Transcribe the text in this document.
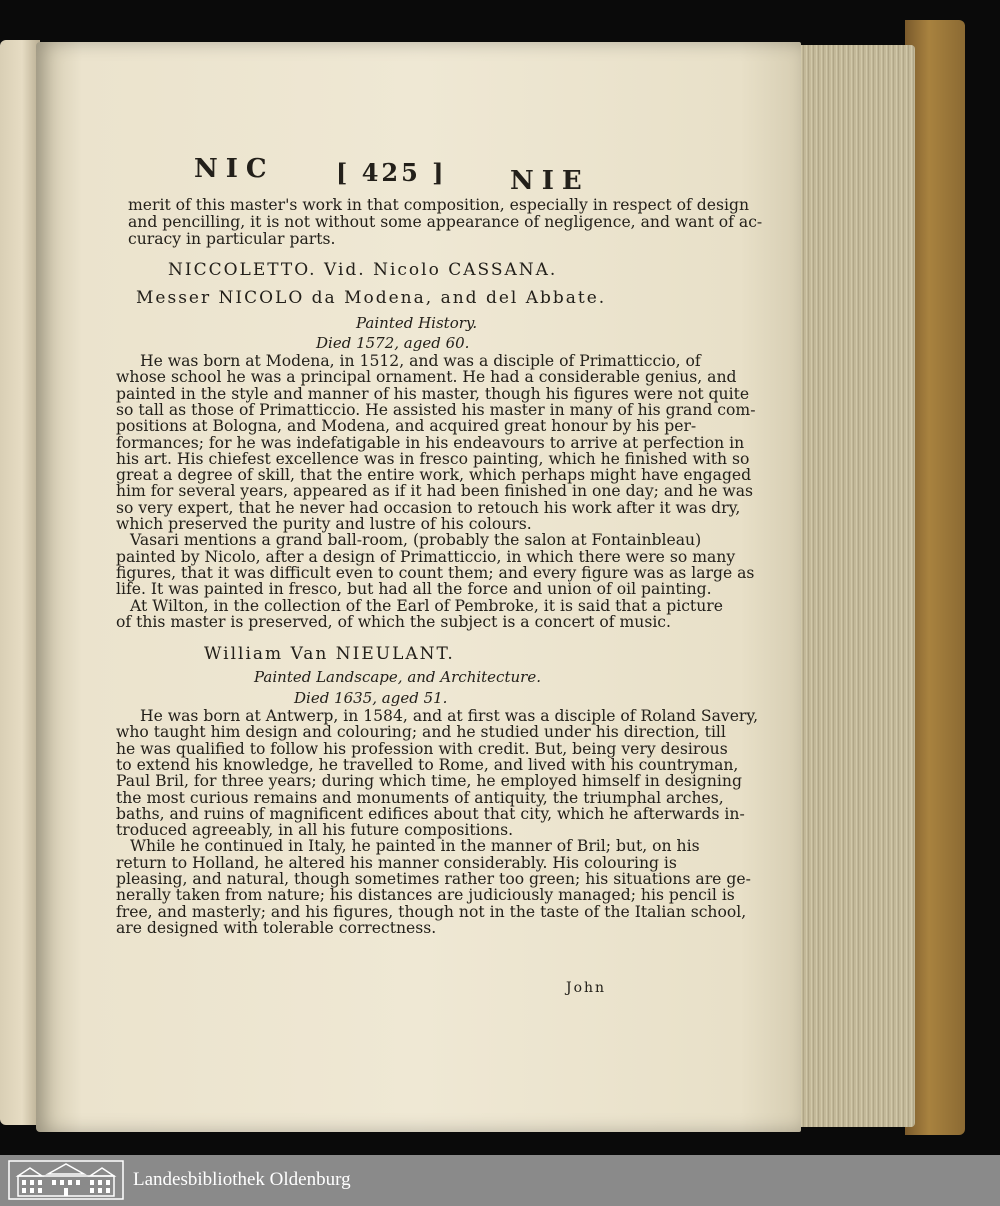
NIC	[ 425 ] NIE
merit of this master's work in that composition, especially in respect of design
and pencilling, it is not without some appearance of negligence, and want of ac-
curacy in particular parts.
NICCOLETTO. Vid. Nicolo CASSANA.
Messer NICOLO da Modena, and del Abbate.
Painted History.
Died 1572, aged 60.
He was born at Modena, in 1512, and was a disciple of Primatticcio, of
whose school he was a principal ornament. He had a considerable genius, and
painted in the style and manner of his master, though his figures were not quite
so tall as those of Primatticcio. He assisted his master in many of his grand com-
positions at Bologna, and Modena, and acquired great honour by his per-
formances; for he was indefatigable in his endeavours to arrive at perfection in
his art. His chiefest excellence was in fresco painting, which he finished with so
great a degree of skill, that the entire work, which perhaps might have engaged
him for several years, appeared as if it had been finished in one day; and he was
so very expert, that he never had occasion to retouch his work after it was dry,
which preserved the purity and lustre of his colours.
Vasari mentions a grand ball-room, (probably the salon at Fontainbleau)
painted by Nicolo, after a design of Primatticcio, in which there were so many
figures, that it was difficult even to count them; and every figure was as large as
life. It was painted in fresco, but had all the force and union of oil painting.
At Wilton, in the collection of the Earl of Pembroke, it is said that a picture
of this master is preserved, of which the subject is a concert of music.
William Van NIEULANT.
Painted Landscape, and Architecture.
Died 1635, aged 51.
He was born at Antwerp, in 1584, and at first was a disciple of Roland Savery,
who taught him design and colouring; and he studied under his direction, till
he was qualified to follow his profession with credit. But, being very desirous
to extend his knowledge, he travelled to Rome, and lived with his countryman,
Paul Bril, for three years; during which time, he employed himself in designing
the most curious remains and monuments of antiquity, the triumphal arches,
baths, and ruins of magnificent edifices about that city, which he afterwards in-
troduced agreeably, in all his future compositions.
While he continued in Italy, he painted in the manner of Bril; but, on his
return to Holland, he altered his manner considerably. His colouring is
pleasing, and natural, though sometimes rather too green; his situations are ge-
nerally taken from nature; his distances are judiciously managed; his pencil is
free, and masterly; and his figures, though not in the taste of the Italian school,
are designed with tolerable correctness.
John
Landesbibliothek Oldenburg
